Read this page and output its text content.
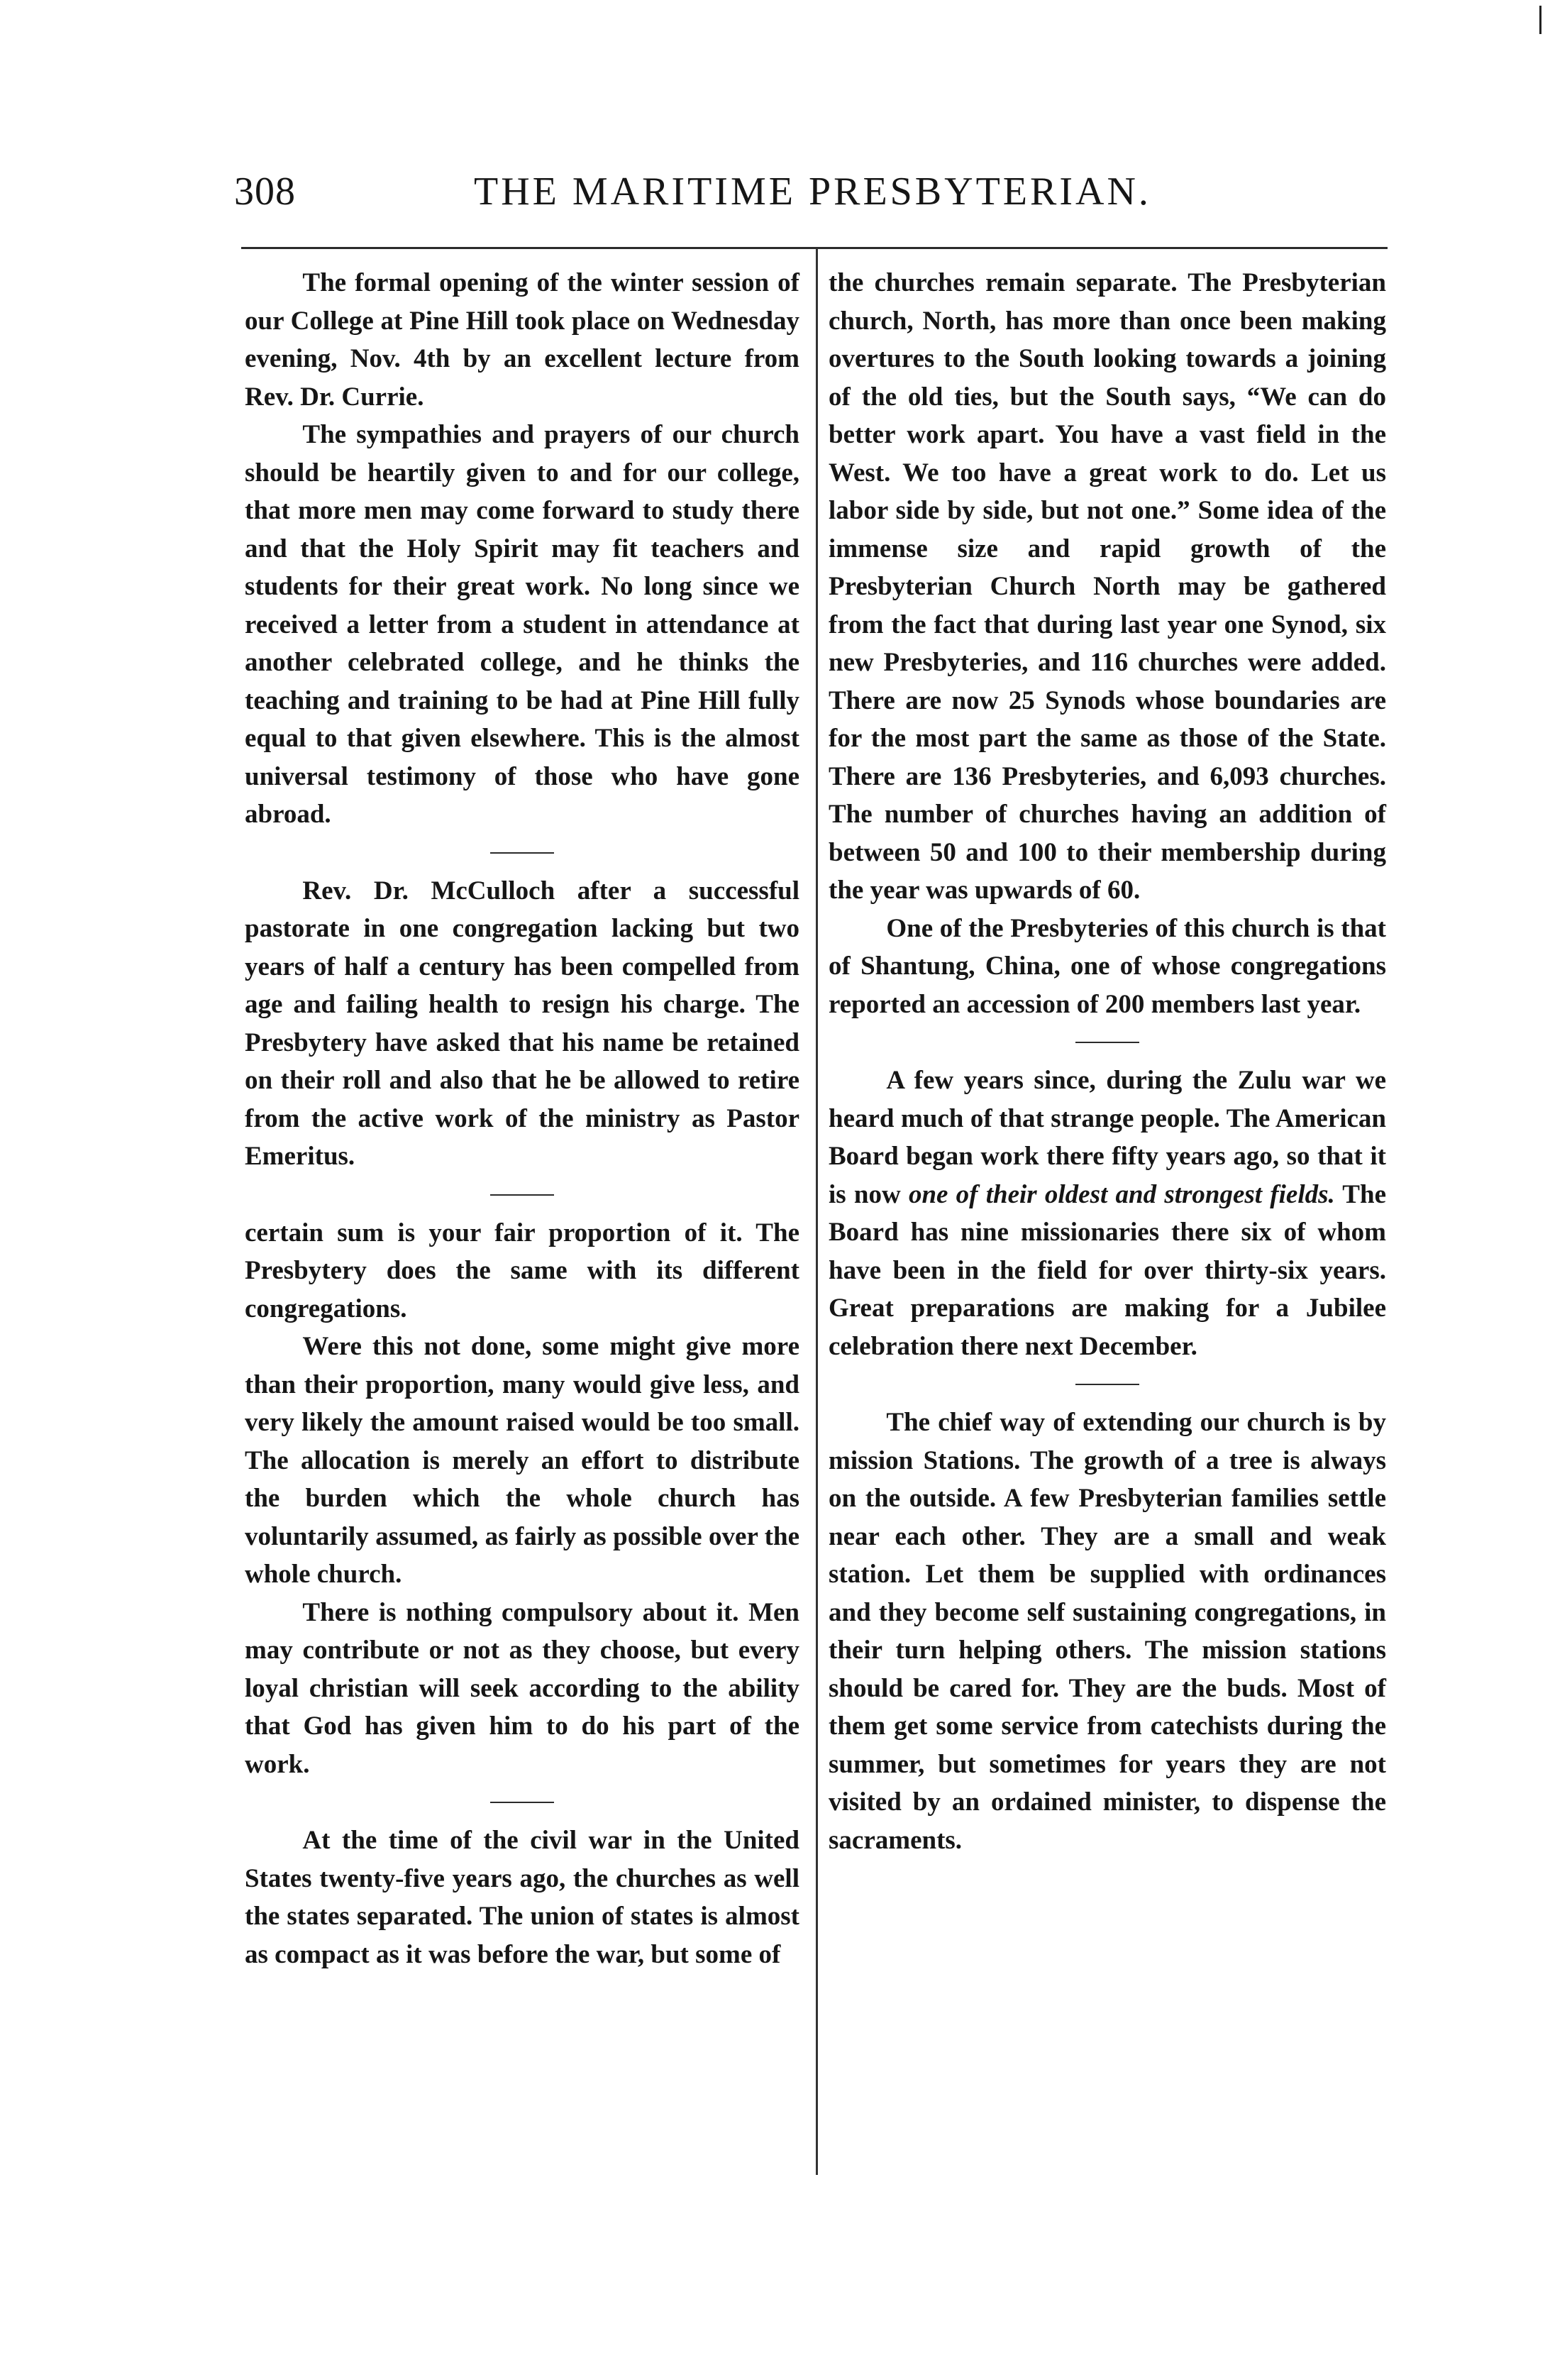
308	THE MARITIME PRESBYTERIAN.

The formal opening of the winter session of our College at Pine Hill took place on Wednesday evening, Nov. 4th by an excellent lecture from Rev. Dr. Currie.

The sympathies and prayers of our church should be heartily given to and for our college, that more men may come forward to study there and that the Holy Spirit may fit teachers and students for their great work. No long since we received a letter from a student in attendance at another celebrated college, and he thinks the teaching and training to be had at Pine Hill fully equal to that given elsewhere. This is the almost universal testimony of those who have gone abroad.

Rev. Dr. McCulloch after a successful pastorate in one congregation lacking but two years of half a century has been compelled from age and failing health to resign his charge. The Presbytery have asked that his name be retained on their roll and also that he be allowed to retire from the active work of the ministry as Pastor Emeritus.

certain sum is your fair proportion of it. The Presbytery does the same with its different congregations.

Were this not done, some might give more than their proportion, many would give less, and very likely the amount raised would be too small. The allocation is merely an effort to distribute the burden which the whole church has voluntarily assumed, as fairly as possible over the whole church.

There is nothing compulsory about it. Men may contribute or not as they choose, but every loyal christian will seek according to the ability that God has given him to do his part of the work.

At the time of the civil war in the United States twenty-five years ago, the churches as well the states separated. The union of states is almost as compact as it was before the war, but some of

the churches remain separate. The Presbyterian church, North, has more than once been making overtures to the South looking towards a joining of the old ties, but the South says, “We can do better work apart. You have a vast field in the West. We too have a great work to do. Let us labor side by side, but not one.” Some idea of the immense size and rapid growth of the Presbyterian Church North may be gathered from the fact that during last year one Synod, six new Presbyteries, and 116 churches were added. There are now 25 Synods whose boundaries are for the most part the same as those of the State. There are 136 Presbyteries, and 6,093 churches. The number of churches having an addition of between 50 and 100 to their membership during the year was upwards of 60.

One of the Presbyteries of this church is that of Shantung, China, one of whose congregations reported an accession of 200 members last year.

A few years since, during the Zulu war we heard much of that strange people. The American Board began work there fifty years ago, so that it is now one of their oldest and strongest fields. The Board has nine missionaries there six of whom have been in the field for over thirty-six years. Great preparations are making for a Jubilee celebration there next December.

The chief way of extending our church is by mission Stations. The growth of a tree is always on the outside. A few Presbyterian families settle near each other. They are a small and weak station. Let them be supplied with ordinances and they become self sustaining congregations, in their turn helping others. The mission stations should be cared for. They are the buds. Most of them get some service from catechists during the summer, but sometimes for years they are not visited by an ordained minister, to dispense the sacraments.
